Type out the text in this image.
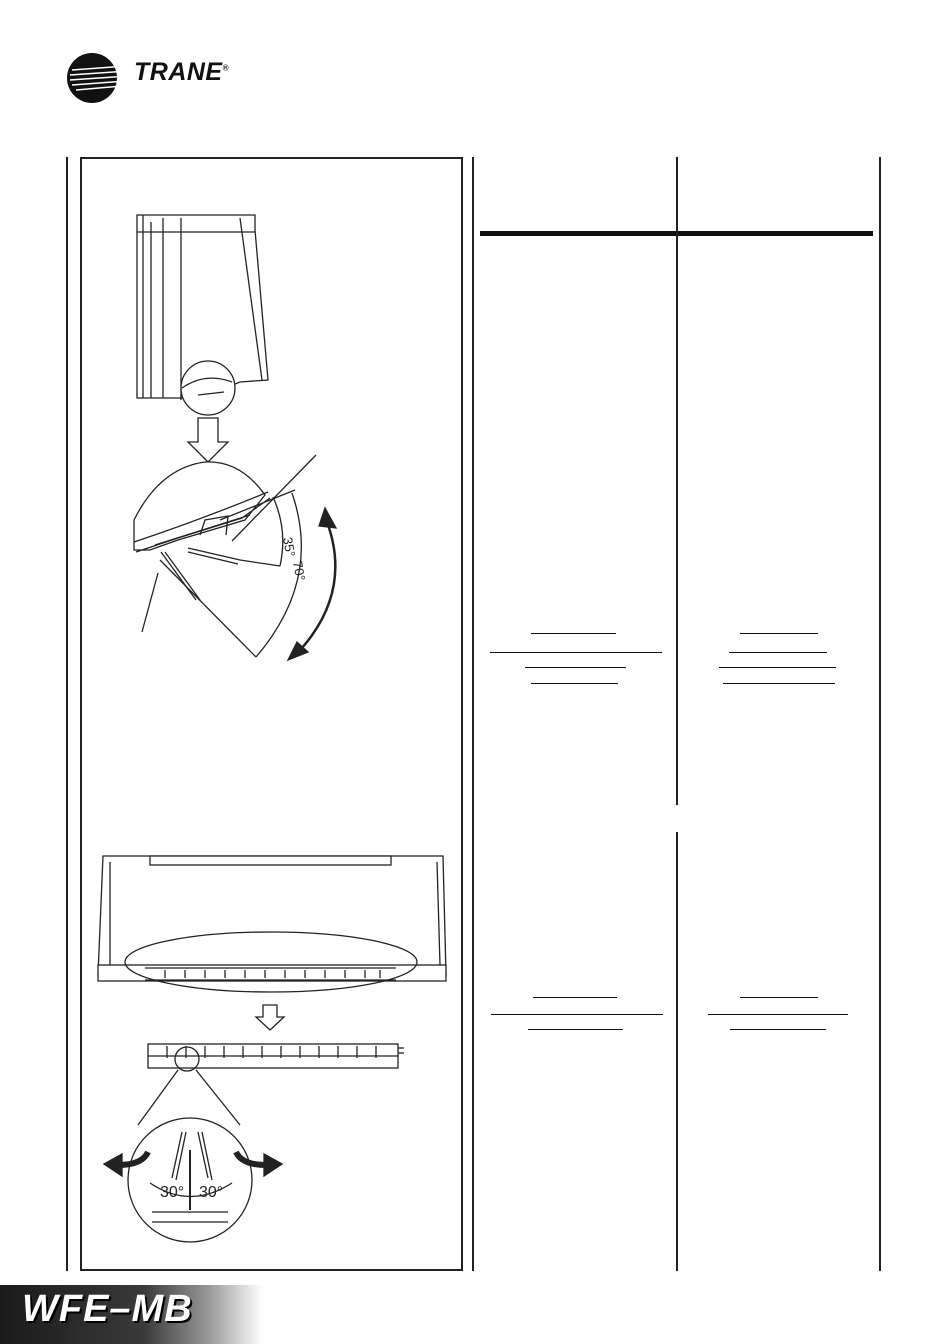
TRANE®
35°
70°
30° 30°
WFE–MB
